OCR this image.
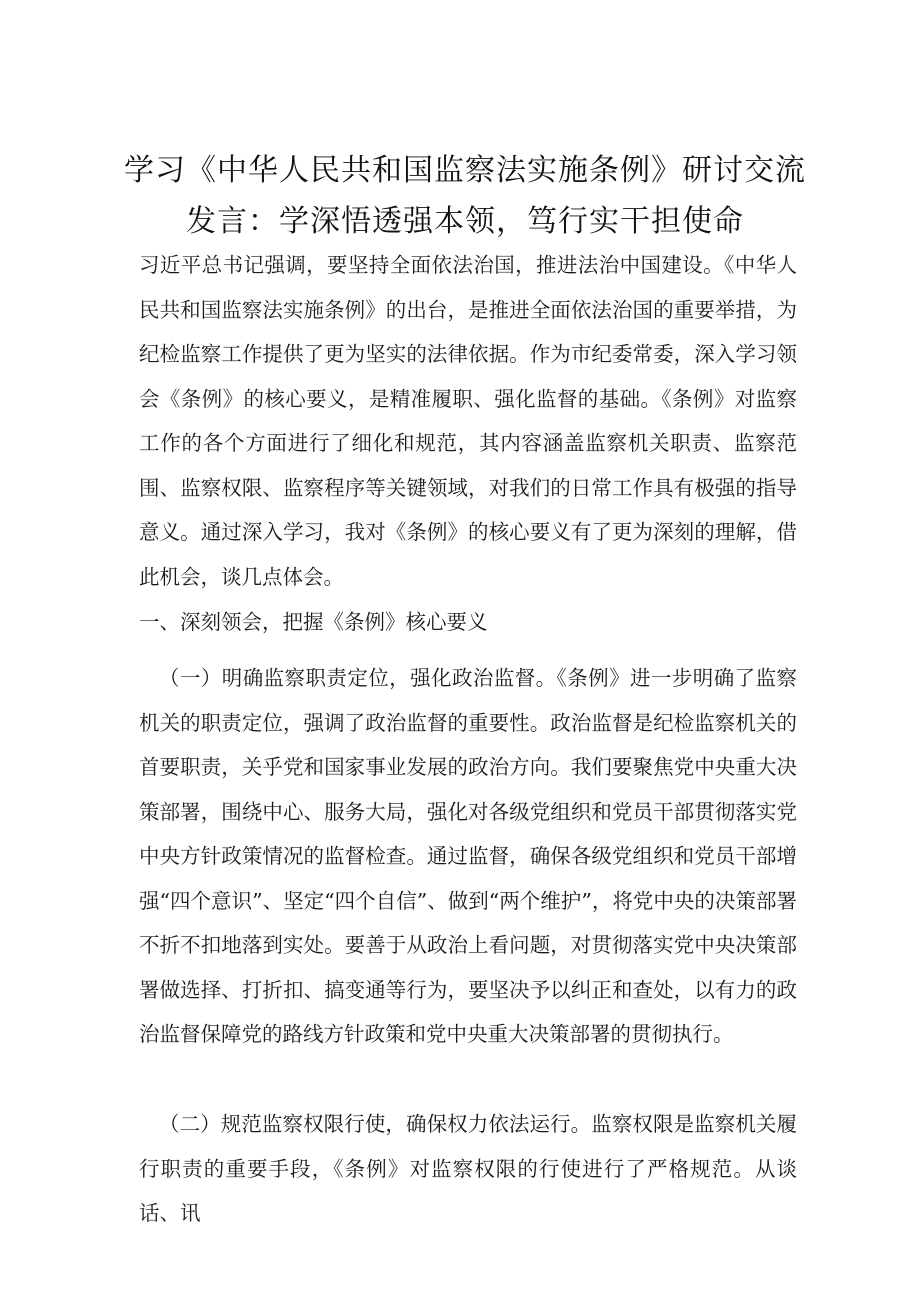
学习《中华人民共和国监察法实施条例》研讨交流
发言：学深悟透强本领，笃行实干担使命

习近平总书记强调，要坚持全面依法治国，推进法治中国建设。《中华人民共和国监察法实施条例》的出台，是推进全面依法治国的重要举措，为纪检监察工作提供了更为坚实的法律依据。作为市纪委常委，深入学习领会《条例》的核心要义，是精准履职、强化监督的基础。《条例》对监察工作的各个方面进行了细化和规范，其内容涵盖监察机关职责、监察范围、监察权限、监察程序等关键领域，对我们的日常工作具有极强的指导意义。通过深入学习，我对《条例》的核心要义有了更为深刻的理解，借此机会，谈几点体会。

一、深刻领会，把握《条例》核心要义

（一）明确监察职责定位，强化政治监督。《条例》进一步明确了监察机关的职责定位，强调了政治监督的重要性。政治监督是纪检监察机关的首要职责，关乎党和国家事业发展的政治方向。我们要聚焦党中央重大决策部署，围绕中心、服务大局，强化对各级党组织和党员干部贯彻落实党中央方针政策情况的监督检查。通过监督，确保各级党组织和党员干部增强“四个意识”、坚定“四个自信”、做到“两个维护”，将党中央的决策部署不折不扣地落到实处。要善于从政治上看问题，对贯彻落实党中央决策部署做选择、打折扣、搞变通等行为，要坚决予以纠正和查处，以有力的政治监督保障党的路线方针政策和党中央重大决策部署的贯彻执行。

（二）规范监察权限行使，确保权力依法运行。监察权限是监察机关履行职责的重要手段，《条例》对监察权限的行使进行了严格规范。从谈话、讯
